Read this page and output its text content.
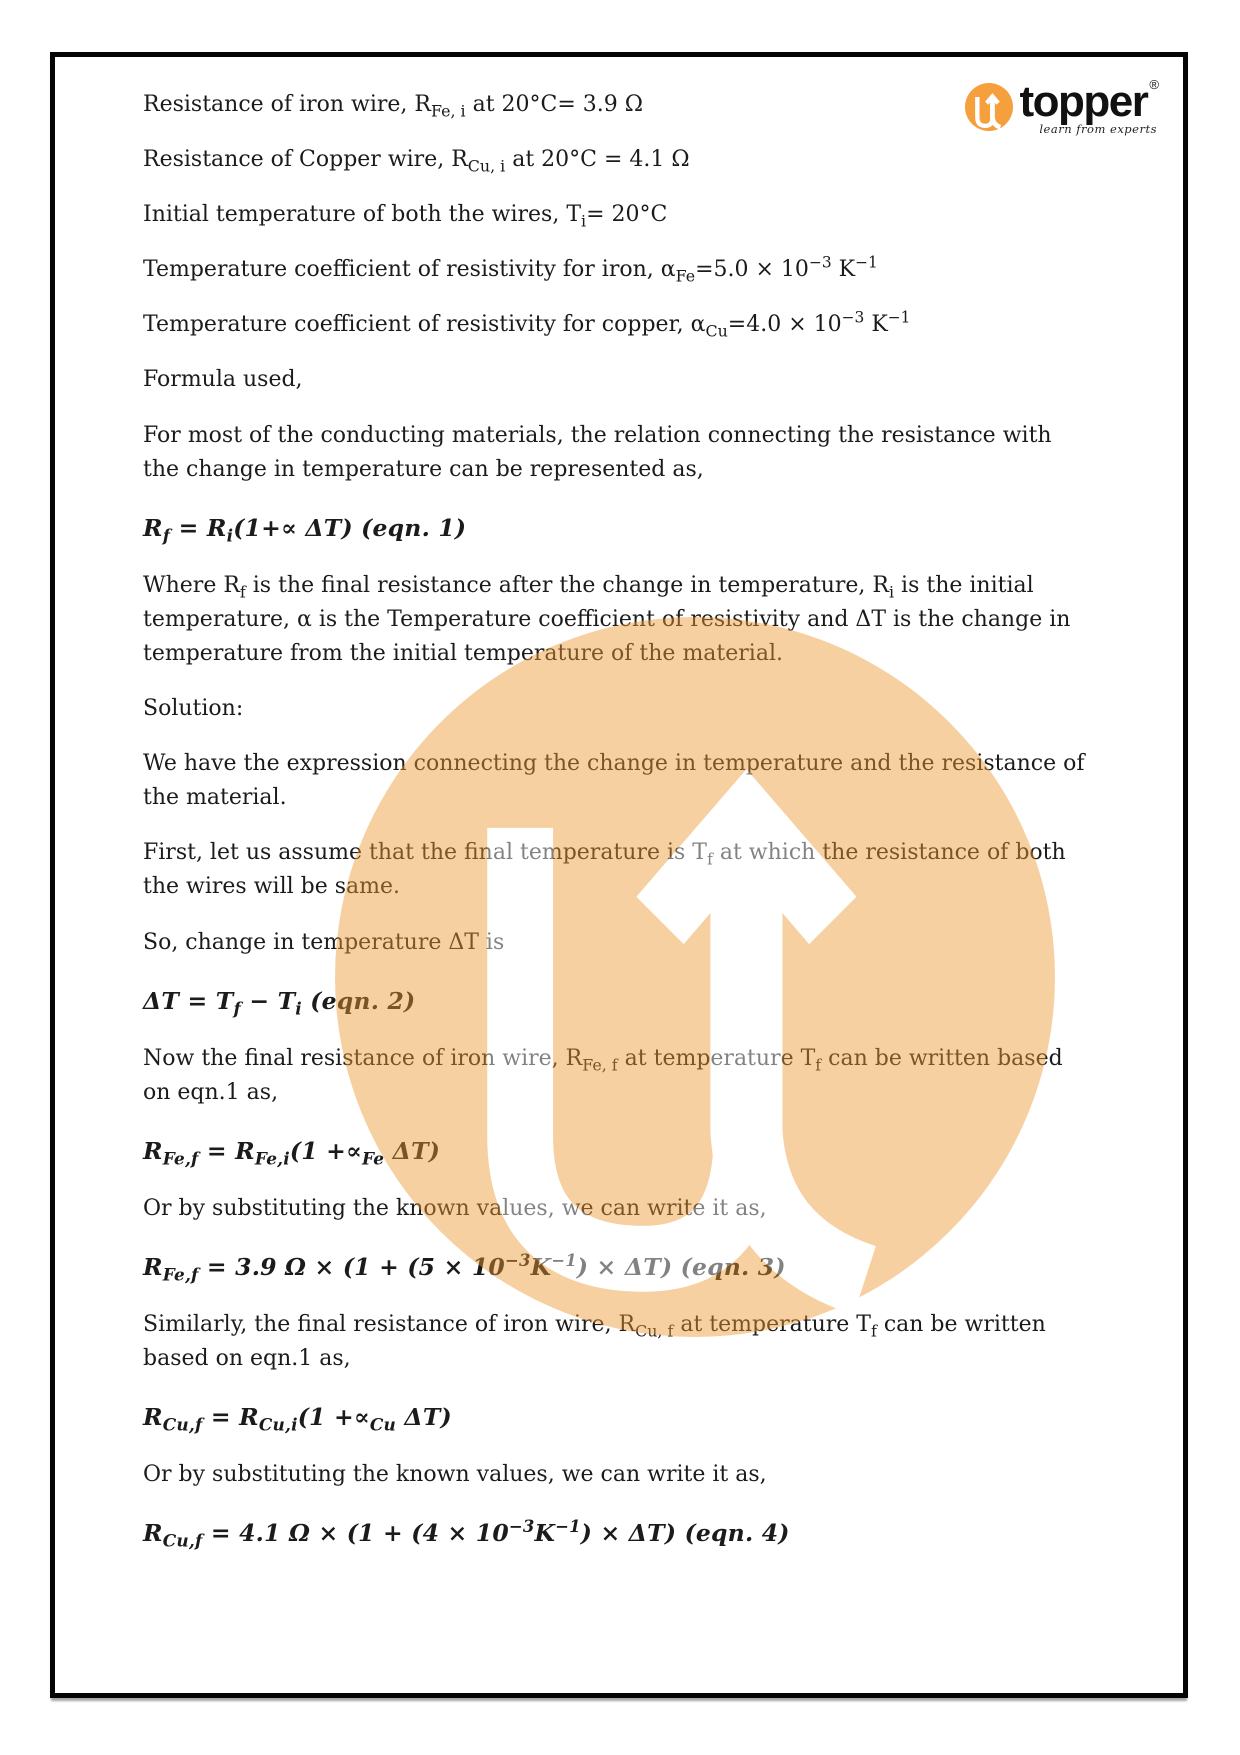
topper ®
learn from experts

Resistance of iron wire, $R_{Fe, i}$ at 20°C= 3.9 Ω

Resistance of Copper wire, $R_{Cu, i}$ at 20°C = 4.1 Ω

Initial temperature of both the wires, $T_i= 20^\circ C$

Temperature coefficient of resistivity for iron, $\alpha_{Fe}=5.0 \times 10^{-3}$ $K^{-1}$

Temperature coefficient of resistivity for copper, $\alpha_{Cu}=4.0 \times 10^{-3}$ $K^{-1}$

Formula used,

For most of the conducting materials, the relation connecting the resistance with the change in temperature can be represented as,

$R_f = R_i(1+\propto \Delta T)$ (eqn. 1)

Where $R_f$ is the final resistance after the change in temperature, $R_i$ is the initial temperature, α is the Temperature coefficient of resistivity and ΔT is the change in temperature from the initial temperature of the material.

Solution:

We have the expression connecting the change in temperature and the resistance of the material.

First, let us assume that the final temperature is $T_f$ at which the resistance of both the wires will be same.

So, change in temperature ΔT is

$\Delta T = T_f - T_i$ (eqn. 2)

Now the final resistance of iron wire, $R_{Fe, f}$ at temperature $T_f$ can be written based on eqn.1 as,

$R_{Fe,f} = R_{Fe,i}(1 +\propto_{Fe}$ ΔT)

Or by substituting the known values, we can write it as,

$R_{Fe,f} = 3.9$ $\Omega \times (1 + (5 \times 10^{-3}K^{-1}) \times \Delta T)$ (eqn. 3)

Similarly, the final resistance of iron wire, $R_{Cu, f}$ at temperature $T_f$ can be written based on eqn.1 as,

$R_{Cu,f} = R_{Cu,i}(1 +\propto_{Cu}$ ΔT)

Or by substituting the known values, we can write it as,

$R_{Cu,f} = 4.1$ $\Omega \times (1 + (4 \times 10^{-3}K^{-1}) \times \Delta T)$ (eqn. 4)
